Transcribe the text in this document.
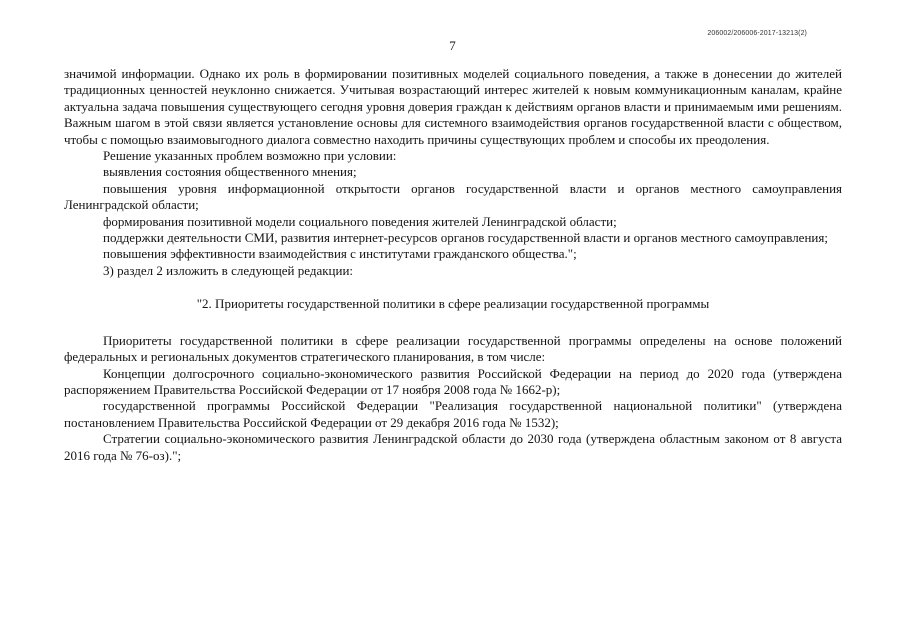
206002/206006-2017-13213(2)
7

значимой информации. Однако их роль в формировании позитивных моделей социального поведения, а также в донесении до жителей традиционных ценностей неуклонно снижается. Учитывая возрастающий интерес жителей к новым коммуникационным каналам, крайне актуальна задача повышения существующего сегодня уровня доверия граждан к действиям органов власти и принимаемым ими решениям. Важным шагом в этой связи является установление основы для системного взаимодействия органов государственной власти с обществом, чтобы с помощью взаимовыгодного диалога совместно находить причины существующих проблем и способы их преодоления.

Решение указанных проблем возможно при условии:

выявления состояния общественного мнения;

повышения уровня информационной открытости органов государственной власти и органов местного самоуправления Ленинградской области;

формирования позитивной модели социального поведения жителей Ленинградской области;

поддержки деятельности СМИ, развития интернет-ресурсов органов государственной власти и органов местного самоуправления;

повышения эффективности взаимодействия с институтами гражданского общества.";

3) раздел 2 изложить в следующей редакции:

"2. Приоритеты государственной политики в сфере реализации государственной программы

Приоритеты государственной политики в сфере реализации государственной программы определены на основе положений федеральных и региональных документов стратегического планирования, в том числе:

Концепции долгосрочного социально-экономического развития Российской Федерации на период до 2020 года (утверждена распоряжением Правительства Российской Федерации от 17 ноября 2008 года № 1662-р);

государственной программы Российской Федерации "Реализация государственной национальной политики" (утверждена постановлением Правительства Российской Федерации от 29 декабря 2016 года № 1532);

Стратегии социально-экономического развития Ленинградской области до 2030 года (утверждена областным законом от 8 августа 2016 года № 76-оз).";
